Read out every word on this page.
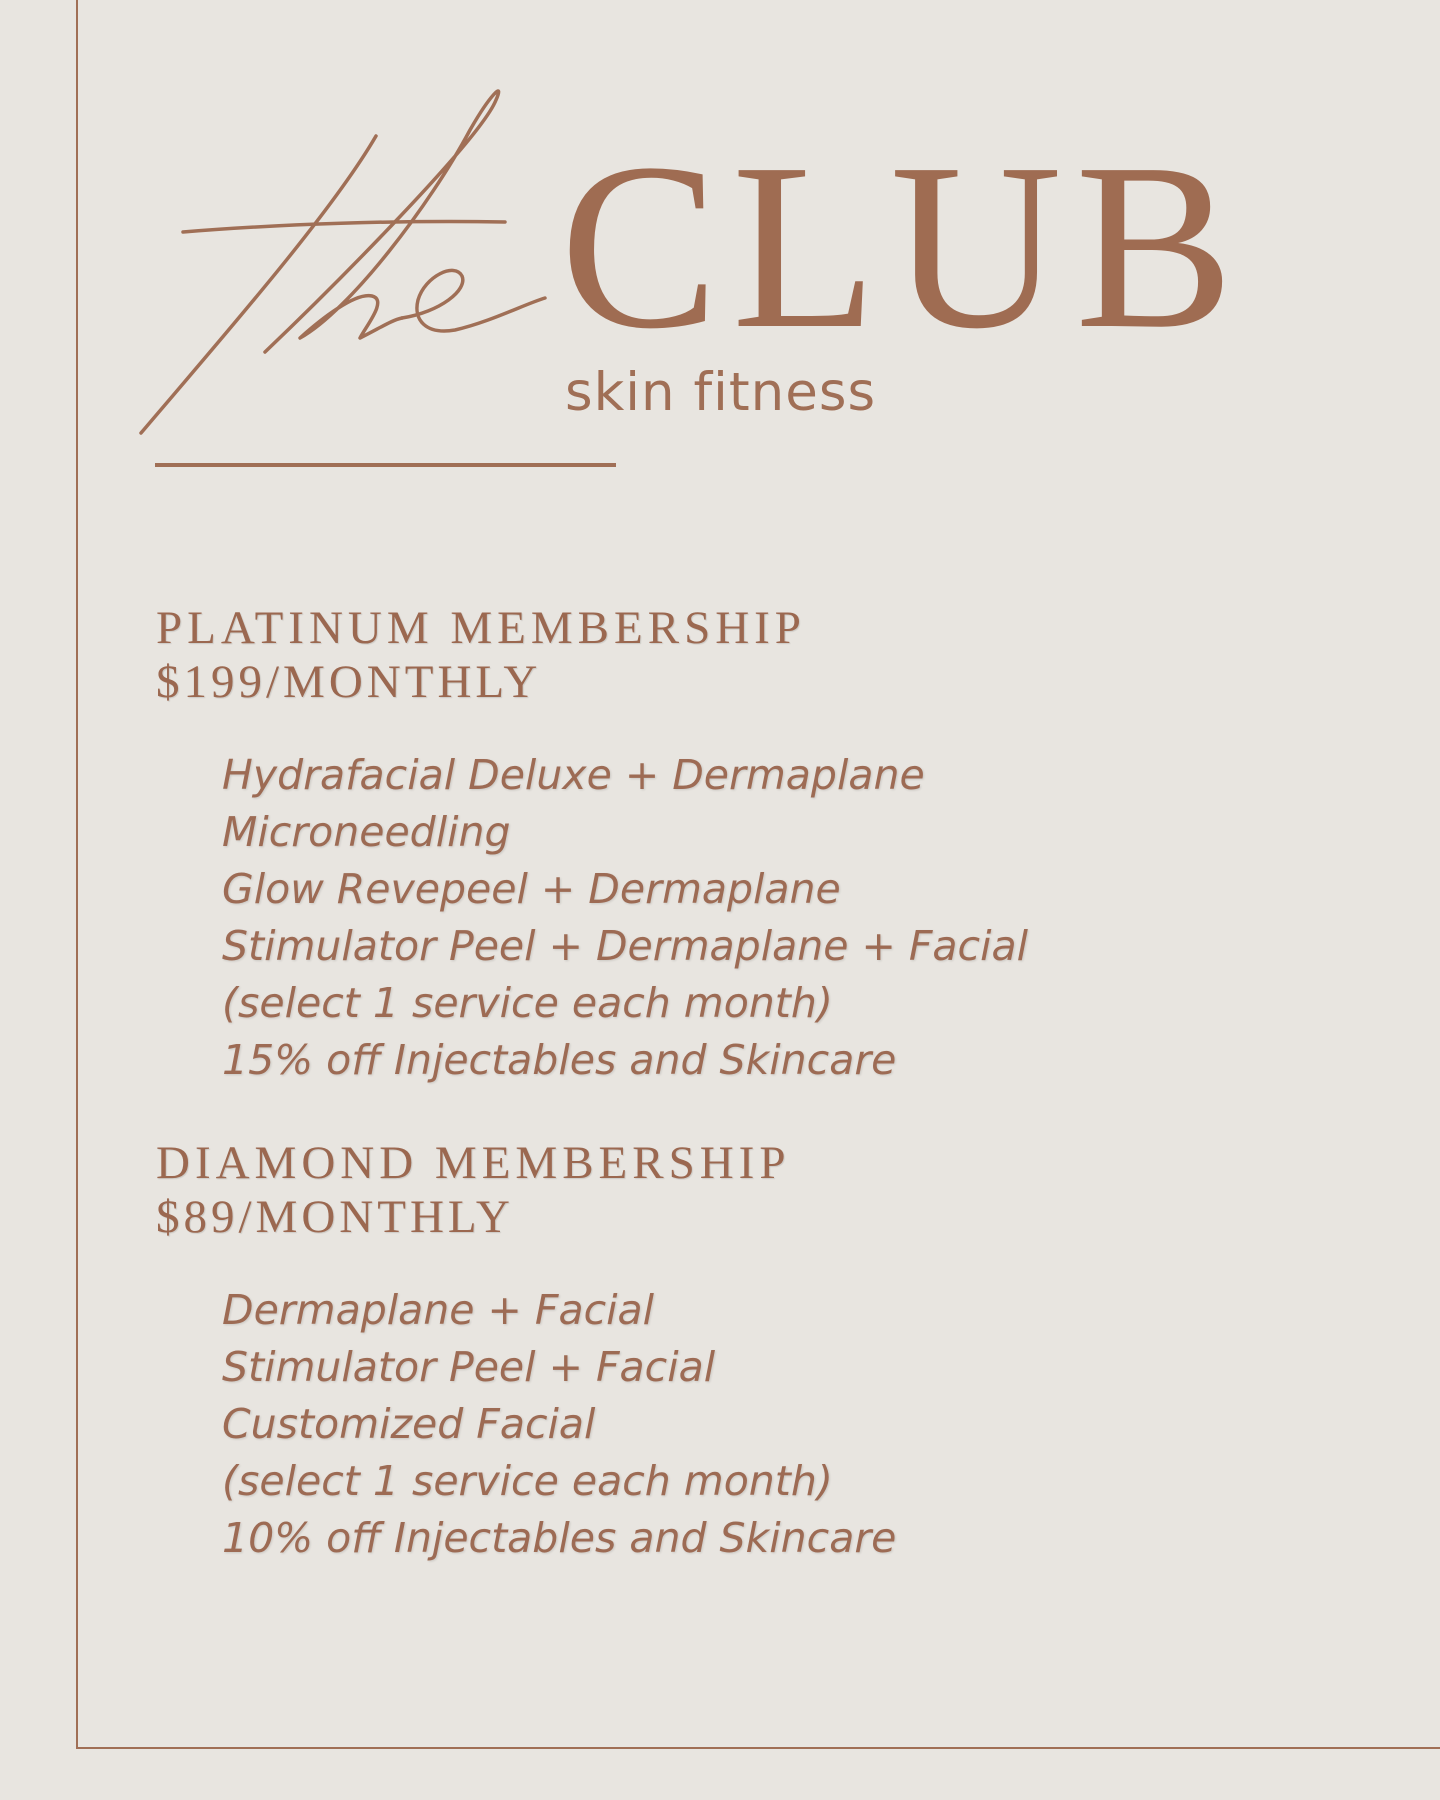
CLUB
skin fitness
PLATINUM MEMBERSHIP
$199/MONTHLY
Hydrafacial Deluxe + Dermaplane
Microneedling
Glow Revepeel + Dermaplane
Stimulator Peel + Dermaplane + Facial
(select 1 service each month)
15% off Injectables and Skincare
DIAMOND MEMBERSHIP
$89/MONTHLY
Dermaplane + Facial
Stimulator Peel + Facial
Customized Facial
(select 1 service each month)
10% off Injectables and Skincare
